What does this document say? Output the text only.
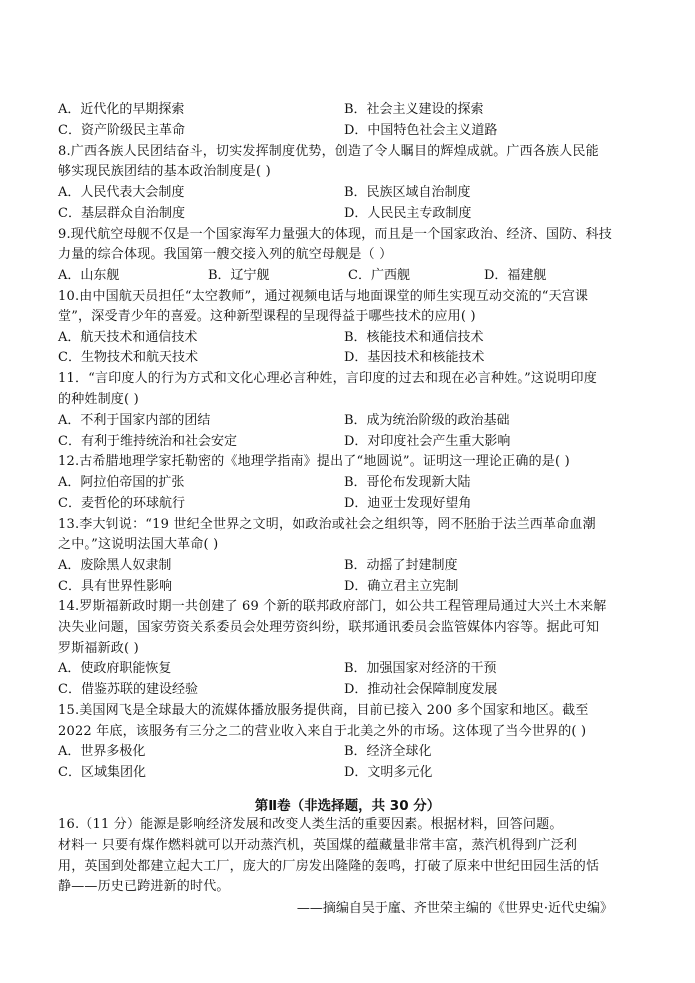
A．近代化的早期探索	B．社会主义建设的探索
C．资产阶级民主革命	D．中国特色社会主义道路
8.广西各族人民团结奋斗，切实发挥制度优势，创造了令人瞩目的辉煌成就。广西各族人民能
够实现民族团结的基本政治制度是( )
A．人民代表大会制度	B．民族区域自治制度
C．基层群众自治制度	D．人民民主专政制度
9.现代航空母舰不仅是一个国家海军力量强大的体现，而且是一个国家政治、经济、国防、科技
力量的综合体现。我国第一艘交接入列的航空母舰是（ ）
A．山东舰	B．辽宁舰	C．广西舰	D．福建舰
10.由中国航天员担任“太空教师”，通过视频电话与地面课堂的师生实现互动交流的“天宫课
堂”，深受青少年的喜爱。这种新型课程的呈现得益于哪些技术的应用( )
A．航天技术和通信技术	B．核能技术和通信技术
C．生物技术和航天技术	D．基因技术和核能技术
11．“言印度人的行为方式和文化心理必言种姓，言印度的过去和现在必言种姓。”这说明印度
的种姓制度( )
A．不利于国家内部的团结	B．成为统治阶级的政治基础
C．有利于维持统治和社会安定	D．对印度社会产生重大影响
12.古希腊地理学家托勒密的《地理学指南》提出了“地圆说”。证明这一理论正确的是( )
A．阿拉伯帝国的扩张	B．哥伦布发现新大陆
C．麦哲伦的环球航行	D．迪亚士发现好望角
13.李大钊说：“19 世纪全世界之文明，如政治或社会之组织等，罔不胚胎于法兰西革命血潮
之中。”这说明法国大革命( )
A．废除黑人奴隶制	B．动摇了封建制度
C．具有世界性影响	D．确立君主立宪制
14.罗斯福新政时期一共创建了 69 个新的联邦政府部门，如公共工程管理局通过大兴土木来解
决失业问题，国家劳资关系委员会处理劳资纠纷，联邦通讯委员会监管媒体内容等。据此可知
罗斯福新政( )
A．使政府职能恢复	B．加强国家对经济的干预
C．借鉴苏联的建设经验	D．推动社会保障制度发展
15.美国网飞是全球最大的流媒体播放服务提供商，目前已接入 200 多个国家和地区。截至
2022 年底，该服务有三分之二的营业收入来自于北美之外的市场。这体现了当今世界的( )
A．世界多极化	B．经济全球化
C．区域集团化	D．文明多元化
第Ⅱ卷（非选择题，共 30 分）
16.（11 分）能源是影响经济发展和改变人类生活的重要因素。根据材料，回答问题。
材料一 只要有煤作燃料就可以开动蒸汽机，英国煤的蕴藏量非常丰富，蒸汽机得到广泛利
用，英国到处都建立起大工厂，庞大的厂房发出隆隆的轰鸣，打破了原来中世纪田园生活的恬
静——历史已跨进新的时代。
——摘编自吴于廑、齐世荣主编的《世界史·近代史编》
